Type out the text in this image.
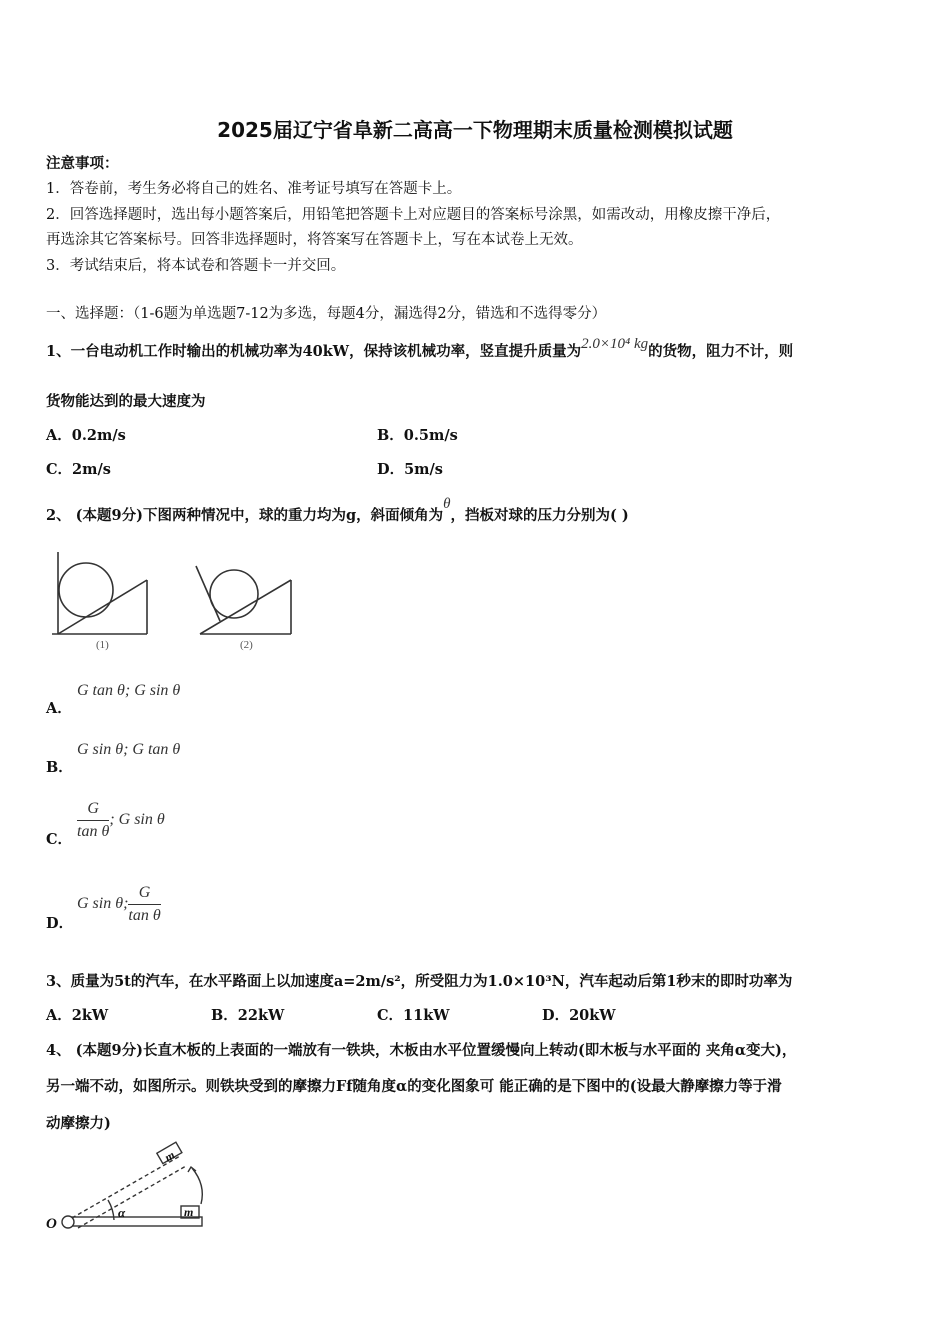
2025届辽宁省阜新二高高一下物理期末质量检测模拟试题
注意事项：
1．答卷前，考生务必将自己的姓名、准考证号填写在答题卡上。
2．回答选择题时，选出每小题答案后，用铅笔把答题卡上对应题目的答案标号涂黑，如需改动，用橡皮擦干净后，
再选涂其它答案标号。回答非选择题时，将答案写在答题卡上，写在本试卷上无效。
3．考试结束后，将本试卷和答题卡一并交回。
一、选择题：（1-6题为单选题7-12为多选，每题4分，漏选得2分，错选和不选得零分）
1、一台电动机工作时输出的机械功率为40kW，保持该机械功率，竖直提升质量为2.0×10⁴ kg的货物，阻力不计，则
货物能达到的最大速度为
A．0.2m/s	B．0.5m/s
C．2m/s	D．5m/s
2、 (本题9分)下图两种情况中，球的重力均为g，斜面倾角为θ，挡板对球的压力分别为( )
(1)	(2)
A．
G tan θ; G sin θ
B．
G sin θ; G tan θ
C． $\frac{G}{\text{tan θ}}$ ; G sin θ
D．
G sin θ; $\frac{G}{\text{tan θ}}$
3、质量为5t的汽车，在水平路面上以加速度a=2m/s²，所受阻力为1.0×10³N，汽车起动后第1秒末的即时功率为
A．2kW	B．22kW	C．11kW	D．20kW
4、 (本题9分)长直木板的上表面的一端放有一铁块，木板由水平位置缓慢向上转动(即木板与水平面的 夹角α变大)，
另一端不动，如图所示。则铁块受到的摩擦力Ff随角度α的变化图象可 能正确的是下图中的(设最大静摩擦力等于滑
动摩擦力)
O
α	m
m
